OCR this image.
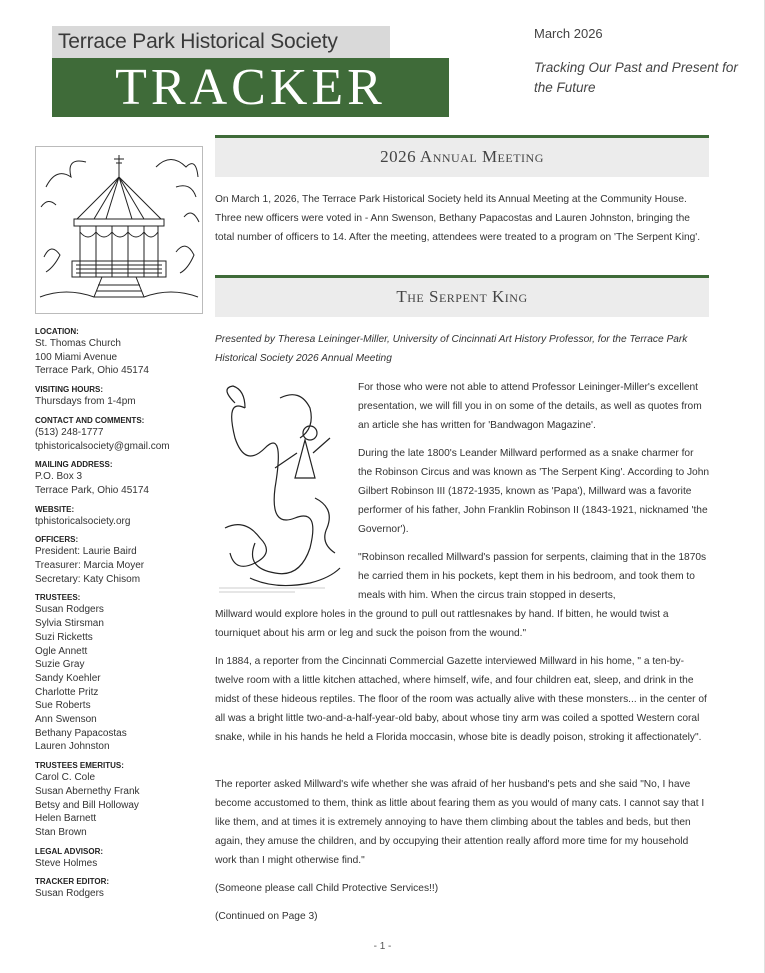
Terrace Park Historical Society
TRACKER
March 2026
Tracking Our Past and Present for the Future
LOCATION:
St. Thomas Church
100 Miami Avenue
Terrace Park, Ohio 45174
VISITING HOURS:
Thursdays from 1-4pm
CONTACT AND COMMENTS:
(513) 248-1777
tphistoricalsociety@gmail.com
MAILING ADDRESS:
P.O. Box 3
Terrace Park, Ohio 45174
WEBSITE:
tphistoricalsociety.org
OFFICERS:
President: Laurie Baird
Treasurer: Marcia Moyer
Secretary: Katy Chisom
TRUSTEES:
Susan Rodgers
Sylvia Stirsman
Suzi Ricketts
Ogle Annett
Suzie Gray
Sandy Koehler
Charlotte Pritz
Sue Roberts
Ann Swenson
Bethany Papacostas
Lauren Johnston
TRUSTEES EMERITUS:
Carol C. Cole
Susan Abernethy Frank
Betsy and Bill Holloway
Helen Barnett
Stan Brown
LEGAL ADVISOR:
Steve Holmes
TRACKER EDITOR:
Susan Rodgers
2026 Annual Meeting

On March 1, 2026, The Terrace Park Historical Society held its Annual Meeting at the Community House. Three new officers were voted in - Ann Swenson, Bethany Papacostas and Lauren Johnston, bringing the total number of officers to 14. After the meeting, attendees were treated to a program on 'The Serpent King'.

The Serpent King

Presented by Theresa Leininger-Miller, University of Cincinnati Art History Professor, for the Terrace Park Historical Society 2026 Annual Meeting

For those who were not able to attend Professor Leininger-Miller's excellent presentation, we will fill you in on some of the details, as well as quotes from an article she has written for 'Bandwagon Magazine'.

During the late 1800's Leander Millward performed as a snake charmer for the Robinson Circus and was known as 'The Serpent King'. According to John Gilbert Robinson III (1872-1935, known as 'Papa'), Millward was a favorite performer of his father, John Franklin Robinson II (1843-1921, nicknamed 'the Governor').

"Robinson recalled Millward's passion for serpents, claiming that in the 1870s he carried them in his pockets, kept them in his bedroom, and took them to meals with him. When the circus train stopped in deserts,

Millward would explore holes in the ground to pull out rattlesnakes by hand. If bitten, he would twist a tourniquet about his arm or leg and suck the poison from the wound."

In 1884, a reporter from the Cincinnati Commercial Gazette interviewed Millward in his home, " a ten-by-twelve room with a little kitchen attached, where himself, wife, and four children eat, sleep, and drink in the midst of these hideous reptiles. The floor of the room was actually alive with these monsters... in the center of all was a bright little two-and-a-half-year-old baby, about whose tiny arm was coiled a spotted Western coral snake, while in his hands he held a Florida moccasin, whose bite is deadly poison, stroking it affectionately".

The reporter asked Millward's wife whether she was afraid of her husband's pets and she said "No, I have become accustomed to them, think as little about fearing them as you would of many cats. I cannot say that I like them, and at times it is extremely annoying to have them climbing about the tables and beds, but then again, they amuse the children, and by occupying their attention really afford more time for my household work than I might otherwise find."

(Someone please call Child Protective Services!!)

(Continued on Page 3)

- 1 -
